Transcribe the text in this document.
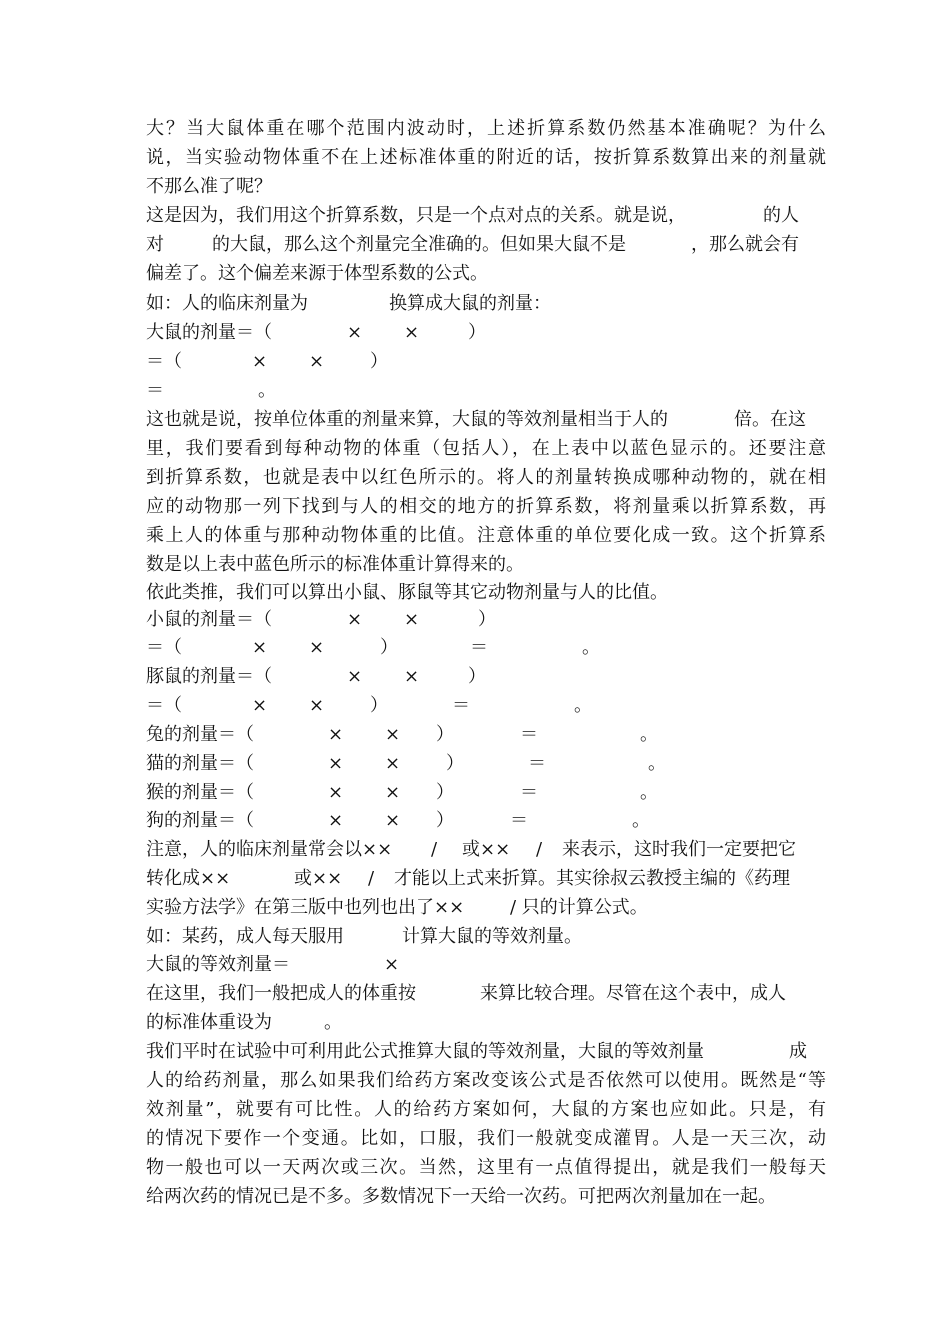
大？当大鼠体重在哪个范围内波动时，上述折算系数仍然基本准确呢？为什么
说，当实验动物体重不在上述标准体重的附近的话，按折算系数算出来的剂量就
不那么准了呢？

这是因为，我们用这个折算系数，只是一个点对点的关系。就是说，

	的人

对

	的大鼠，那么这个剂量完全准确的。但如果大鼠不是

	，那么就会有

偏差了。这个偏差来源于体型系数的公式。

如：人的临床剂量为

	换算成大鼠的剂量：

大鼠的剂量＝（

	×

×

	）

＝（

	×

×

	）

＝

	。

这也就是说，按单位体重的剂量来算，大鼠的等效剂量相当于人的

	倍。在这

里，我们要看到每种动物的体重（包括人），在上表中以蓝色显示的。还要注意
到折算系数，也就是表中以红色所示的。将人的剂量转换成哪种动物的，就在相
应的动物那一列下找到与人的相交的地方的折算系数，将剂量乘以折算系数，再
乘上人的体重与那种动物体重的比值。注意体重的单位要化成一致。这个折算系
数是以上表中蓝色所示的标准体重计算得来的。
依此类推，我们可以算出小鼠、豚鼠等其它动物剂量与人的比值。

小鼠的剂量＝（

	×

×

	）

＝（

	×

×

	）

	＝

	。

豚鼠的剂量＝（

	×

×

	）

＝（

	×

×

	）

	＝

	。

兔的剂量＝（

	×

×

）

	＝

	。

猫的剂量＝（

	×

×

	）

	＝

	。

猴的剂量＝（

	×

×

）

	＝

	。

狗的剂量＝（

	×

×

）

	＝

	。

注意，人的临床剂量常会以××

/

或××

/

来表示，这时我们一定要把它

转化成××

	或××

/

才能以上式来折算。其实徐叔云教授主编的《药理

实验方法学》在第三版中也列也出了××

	/ 只的计算公式。

如：某药，成人每天服用

	计算大鼠的等效剂量。

大鼠的等效剂量＝

	×

在这里，我们一般把成人的体重按

	来算比较合理。尽管在这个表中，成人

的标准体重设为

	。

我们平时在试验中可利用此公式推算大鼠的等效剂量，大鼠的等效剂量

	成

人的给药剂量，那么如果我们给药方案改变该公式是否依然可以使用。既然是“等
效剂量”，就要有可比性。人的给药方案如何，大鼠的方案也应如此。只是，有
的情况下要作一个变通。比如，口服，我们一般就变成灌胃。人是一天三次，动
物一般也可以一天两次或三次。当然，这里有一点值得提出，就是我们一般每天
给两次药的情况已是不多。多数情况下一天给一次药。可把两次剂量加在一起。
